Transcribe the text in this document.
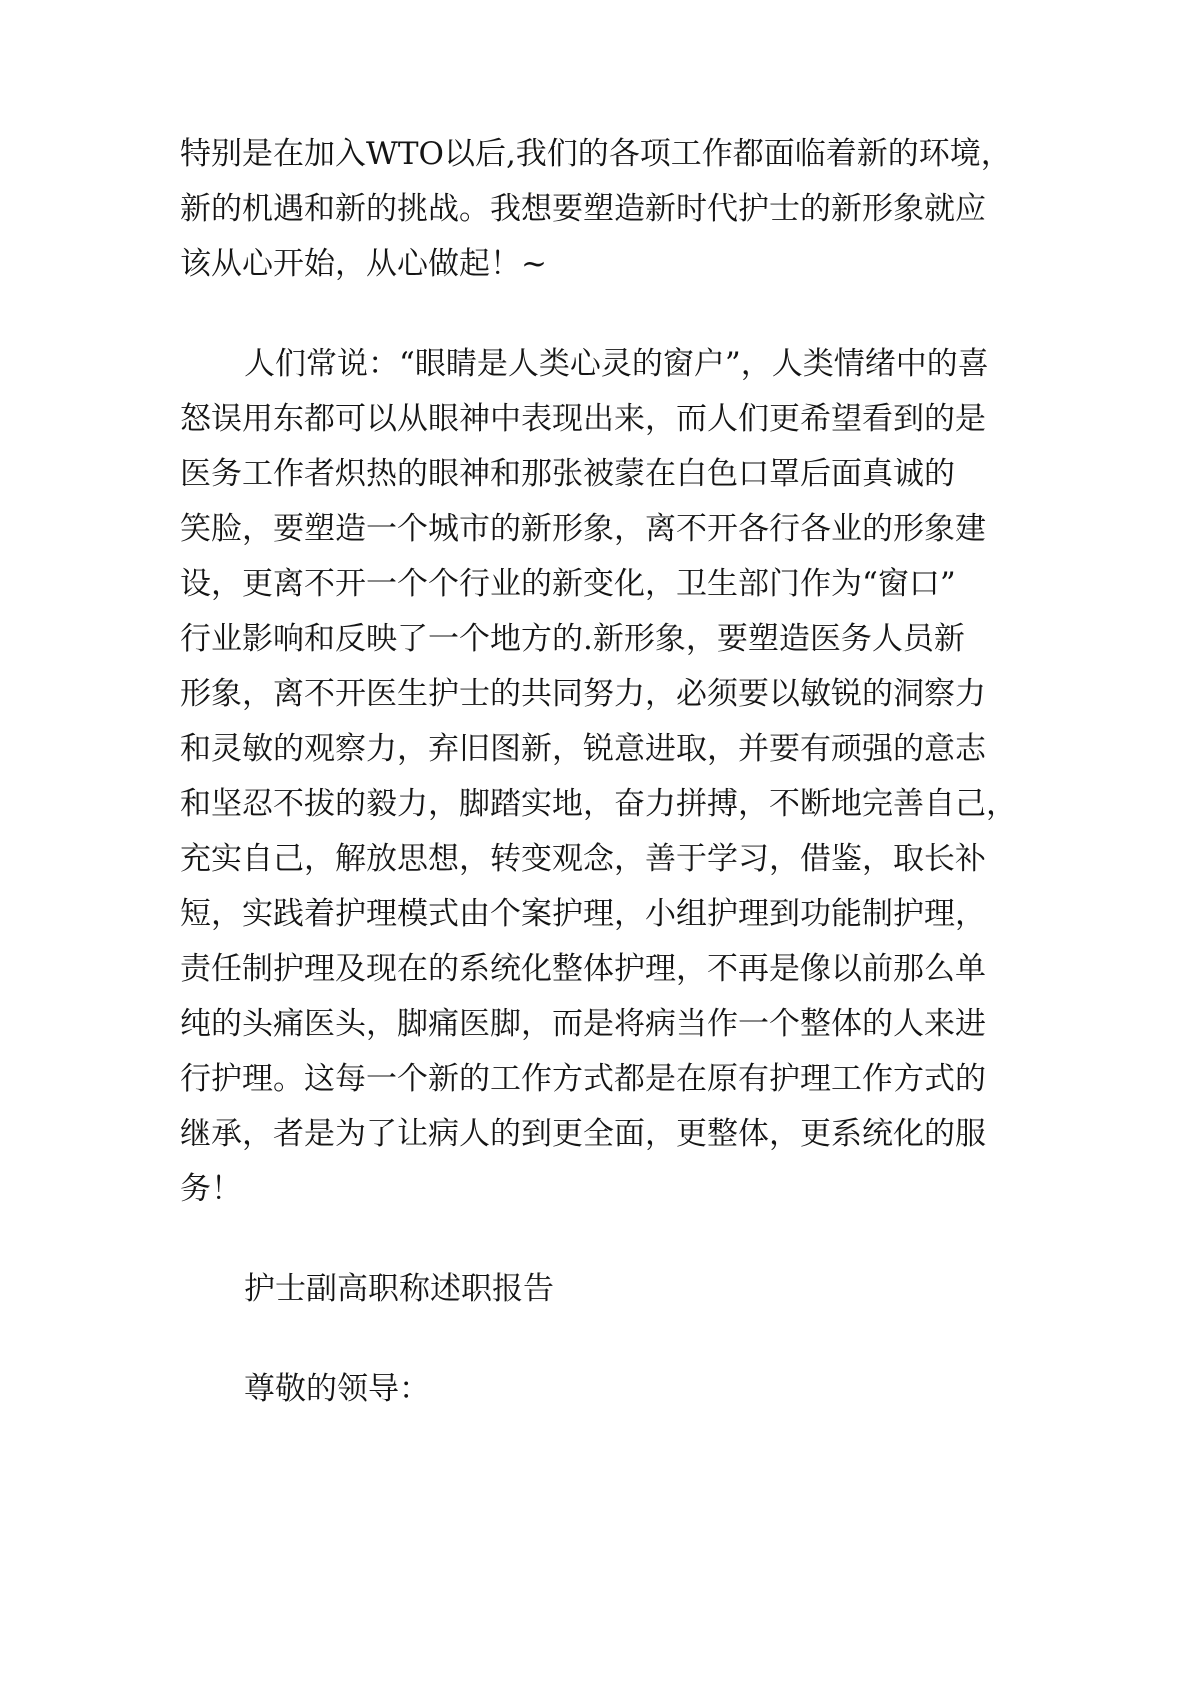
特别是在加入WTO以后,我们的各项工作都面临着新的环境，
新的机遇和新的挑战。我想要塑造新时代护士的新形象就应
该从心开始，从心做起！~
人们常说：“眼睛是人类心灵的窗户”，人类情绪中的喜
怒误用东都可以从眼神中表现出来，而人们更希望看到的是
医务工作者炽热的眼神和那张被蒙在白色口罩后面真诚的
笑脸，要塑造一个城市的新形象，离不开各行各业的形象建
设，更离不开一个个行业的新变化，卫生部门作为“窗口”
行业影响和反映了一个地方的.新形象，要塑造医务人员新
形象，离不开医生护士的共同努力，必须要以敏锐的洞察力
和灵敏的观察力，弃旧图新，锐意进取，并要有顽强的意志
和坚忍不拔的毅力，脚踏实地，奋力拼搏，不断地完善自己，
充实自己，解放思想，转变观念，善于学习，借鉴，取长补
短，实践着护理模式由个案护理，小组护理到功能制护理，
责任制护理及现在的系统化整体护理，不再是像以前那么单
纯的头痛医头，脚痛医脚，而是将病当作一个整体的人来进
行护理。这每一个新的工作方式都是在原有护理工作方式的
继承，者是为了让病人的到更全面，更整体，更系统化的服
务！
护士副高职称述职报告
尊敬的领导：
